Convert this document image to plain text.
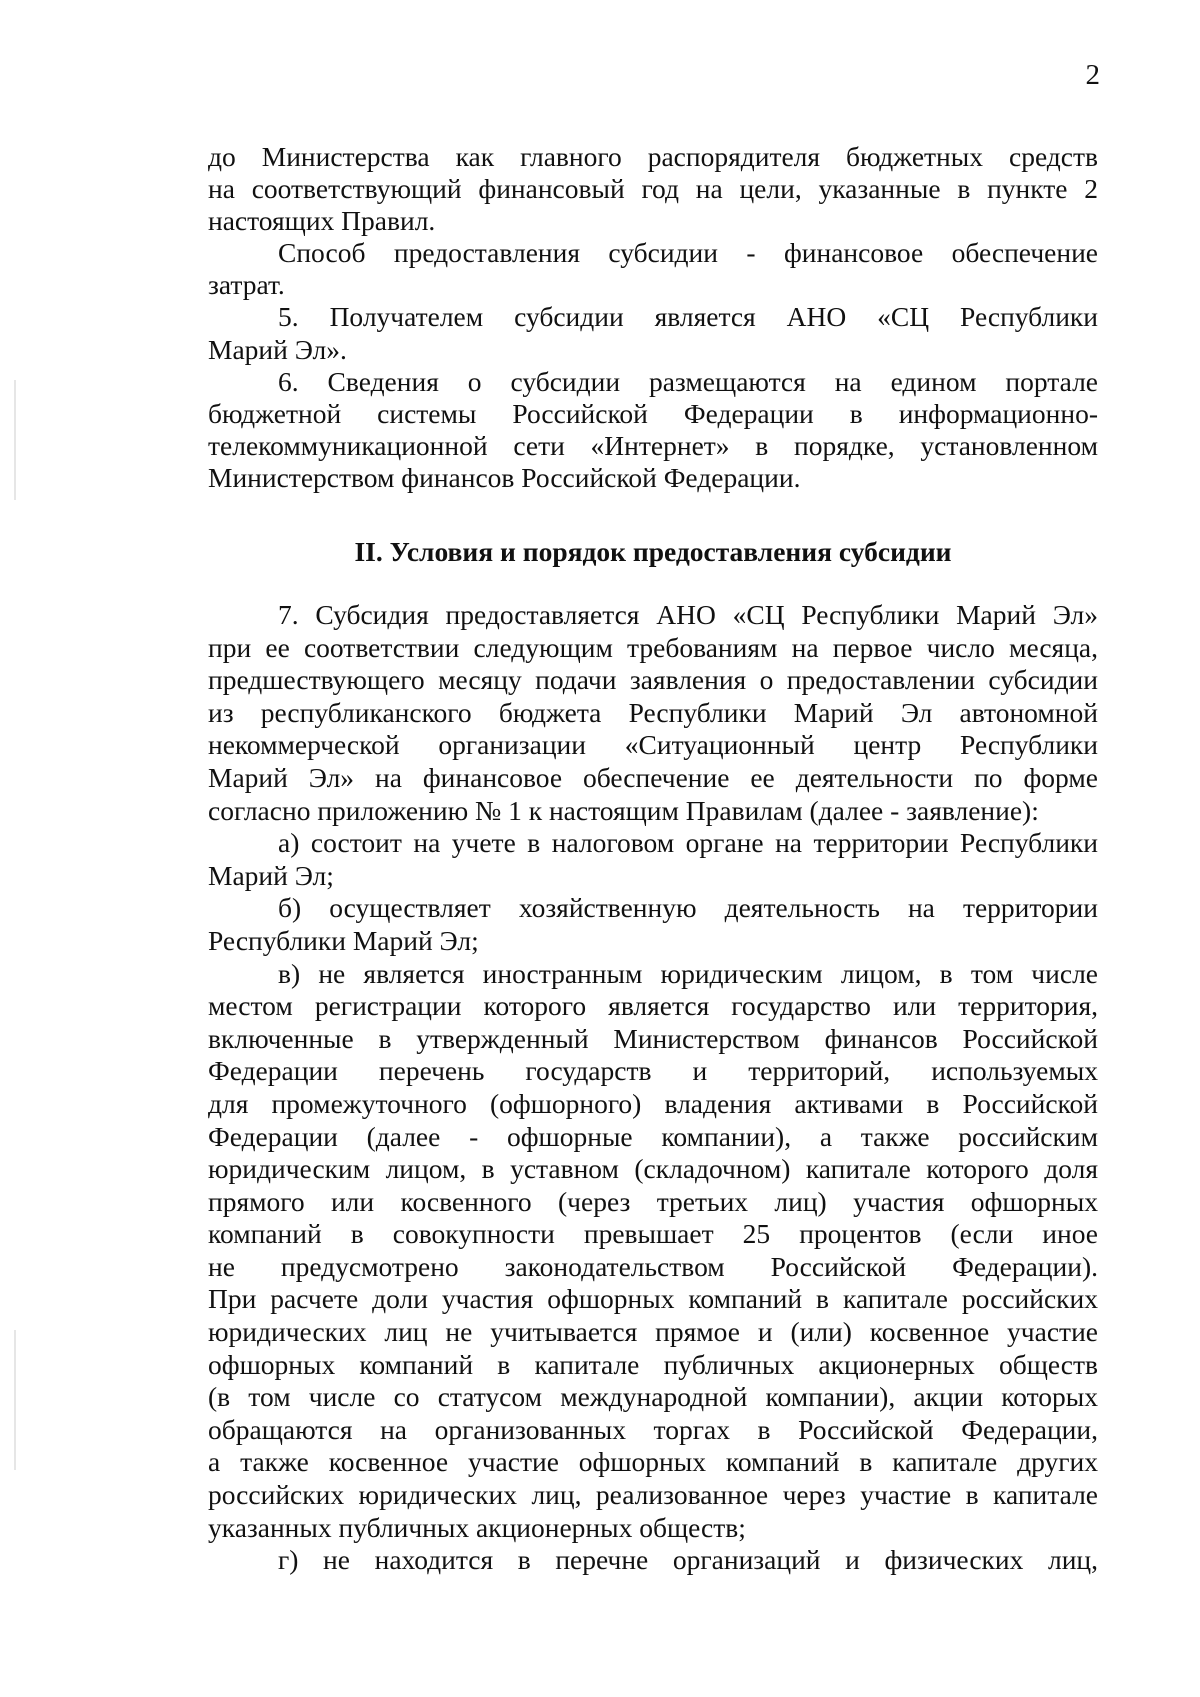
2
до Министерства как главного распорядителя бюджетных средств
на соответствующий финансовый год на цели, указанные в пункте 2
настоящих Правил.
Способ предоставления субсидии - финансовое обеспечение
затрат.
5. Получателем субсидии является АНО «СЦ Республики
Марий Эл».
6. Сведения о субсидии размещаются на едином портале
бюджетной системы Российской Федерации в информационно-
телекоммуникационной сети «Интернет» в порядке, установленном
Министерством финансов Российской Федерации.
II. Условия и порядок предоставления субсидии
7. Субсидия предоставляется АНО «СЦ Республики Марий Эл»
при ее соответствии следующим требованиям на первое число месяца,
предшествующего месяцу подачи заявления о предоставлении субсидии
из республиканского бюджета Республики Марий Эл автономной
некоммерческой организации «Ситуационный центр Республики
Марий Эл» на финансовое обеспечение ее деятельности по форме
согласно приложению № 1 к настоящим Правилам (далее - заявление):
а) состоит на учете в налоговом органе на территории Республики
Марий Эл;
б) осуществляет хозяйственную деятельность на территории
Республики Марий Эл;
в) не является иностранным юридическим лицом, в том числе
местом регистрации которого является государство или территория,
включенные в утвержденный Министерством финансов Российской
Федерации перечень государств и территорий, используемых
для промежуточного (офшорного) владения активами в Российской
Федерации (далее - офшорные компании), а также российским
юридическим лицом, в уставном (складочном) капитале которого доля
прямого или косвенного (через третьих лиц) участия офшорных
компаний в совокупности превышает 25 процентов (если иное
не предусмотрено законодательством Российской Федерации).
При расчете доли участия офшорных компаний в капитале российских
юридических лиц не учитывается прямое и (или) косвенное участие
офшорных компаний в капитале публичных акционерных обществ
(в том числе со статусом международной компании), акции которых
обращаются на организованных торгах в Российской Федерации,
а также косвенное участие офшорных компаний в капитале других
российских юридических лиц, реализованное через участие в капитале
указанных публичных акционерных обществ;
г) не находится в перечне организаций и физических лиц,
